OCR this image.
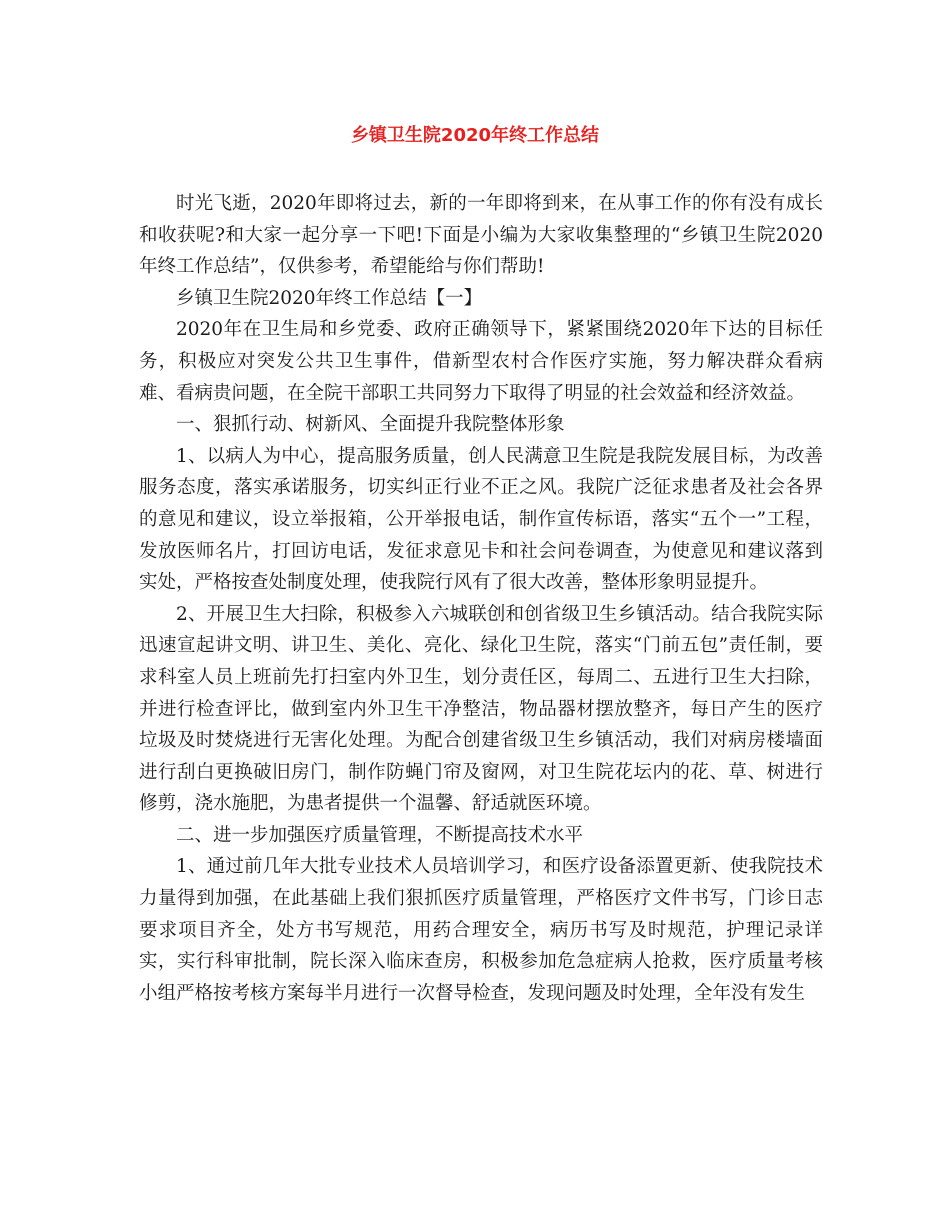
乡镇卫生院2020年终工作总结

时光飞逝，2020年即将过去，新的一年即将到来，在从事工作的你有没有成长和收获呢?和大家一起分享一下吧!下面是小编为大家收集整理的“乡镇卫生院2020年终工作总结”，仅供参考，希望能给与你们帮助!

乡镇卫生院2020年终工作总结【一】

2020年在卫生局和乡党委、政府正确领导下，紧紧围绕2020年下达的目标任务，积极应对突发公共卫生事件，借新型农村合作医疗实施，努力解决群众看病难、看病贵问题，在全院干部职工共同努力下取得了明显的社会效益和经济效益。

一、狠抓行动、树新风、全面提升我院整体形象

1、以病人为中心，提高服务质量，创人民满意卫生院是我院发展目标，为改善服务态度，落实承诺服务，切实纠正行业不正之风。我院广泛征求患者及社会各界的意见和建议，设立举报箱，公开举报电话，制作宣传标语，落实“五个一”工程，发放医师名片，打回访电话，发征求意见卡和社会问卷调查，为使意见和建议落到实处，严格按查处制度处理，使我院行风有了很大改善，整体形象明显提升。

2、开展卫生大扫除，积极参入六城联创和创省级卫生乡镇活动。结合我院实际迅速宣起讲文明、讲卫生、美化、亮化、绿化卫生院，落实“门前五包”责任制，要求科室人员上班前先打扫室内外卫生，划分责任区，每周二、五进行卫生大扫除，并进行检查评比，做到室内外卫生干净整洁，物品器材摆放整齐，每日产生的医疗垃圾及时焚烧进行无害化处理。为配合创建省级卫生乡镇活动，我们对病房楼墙面进行刮白更换破旧房门，制作防蝇门帘及窗网，对卫生院花坛内的花、草、树进行修剪，浇水施肥，为患者提供一个温馨、舒适就医环境。

二、进一步加强医疗质量管理，不断提高技术水平

1、通过前几年大批专业技术人员培训学习，和医疗设备添置更新、使我院技术力量得到加强，在此基础上我们狠抓医疗质量管理，严格医疗文件书写，门诊日志要求项目齐全，处方书写规范，用药合理安全，病历书写及时规范，护理记录详实，实行科审批制，院长深入临床查房，积极参加危急症病人抢救，医疗质量考核小组严格按考核方案每半月进行一次督导检查，发现问题及时处理，全年没有发生
